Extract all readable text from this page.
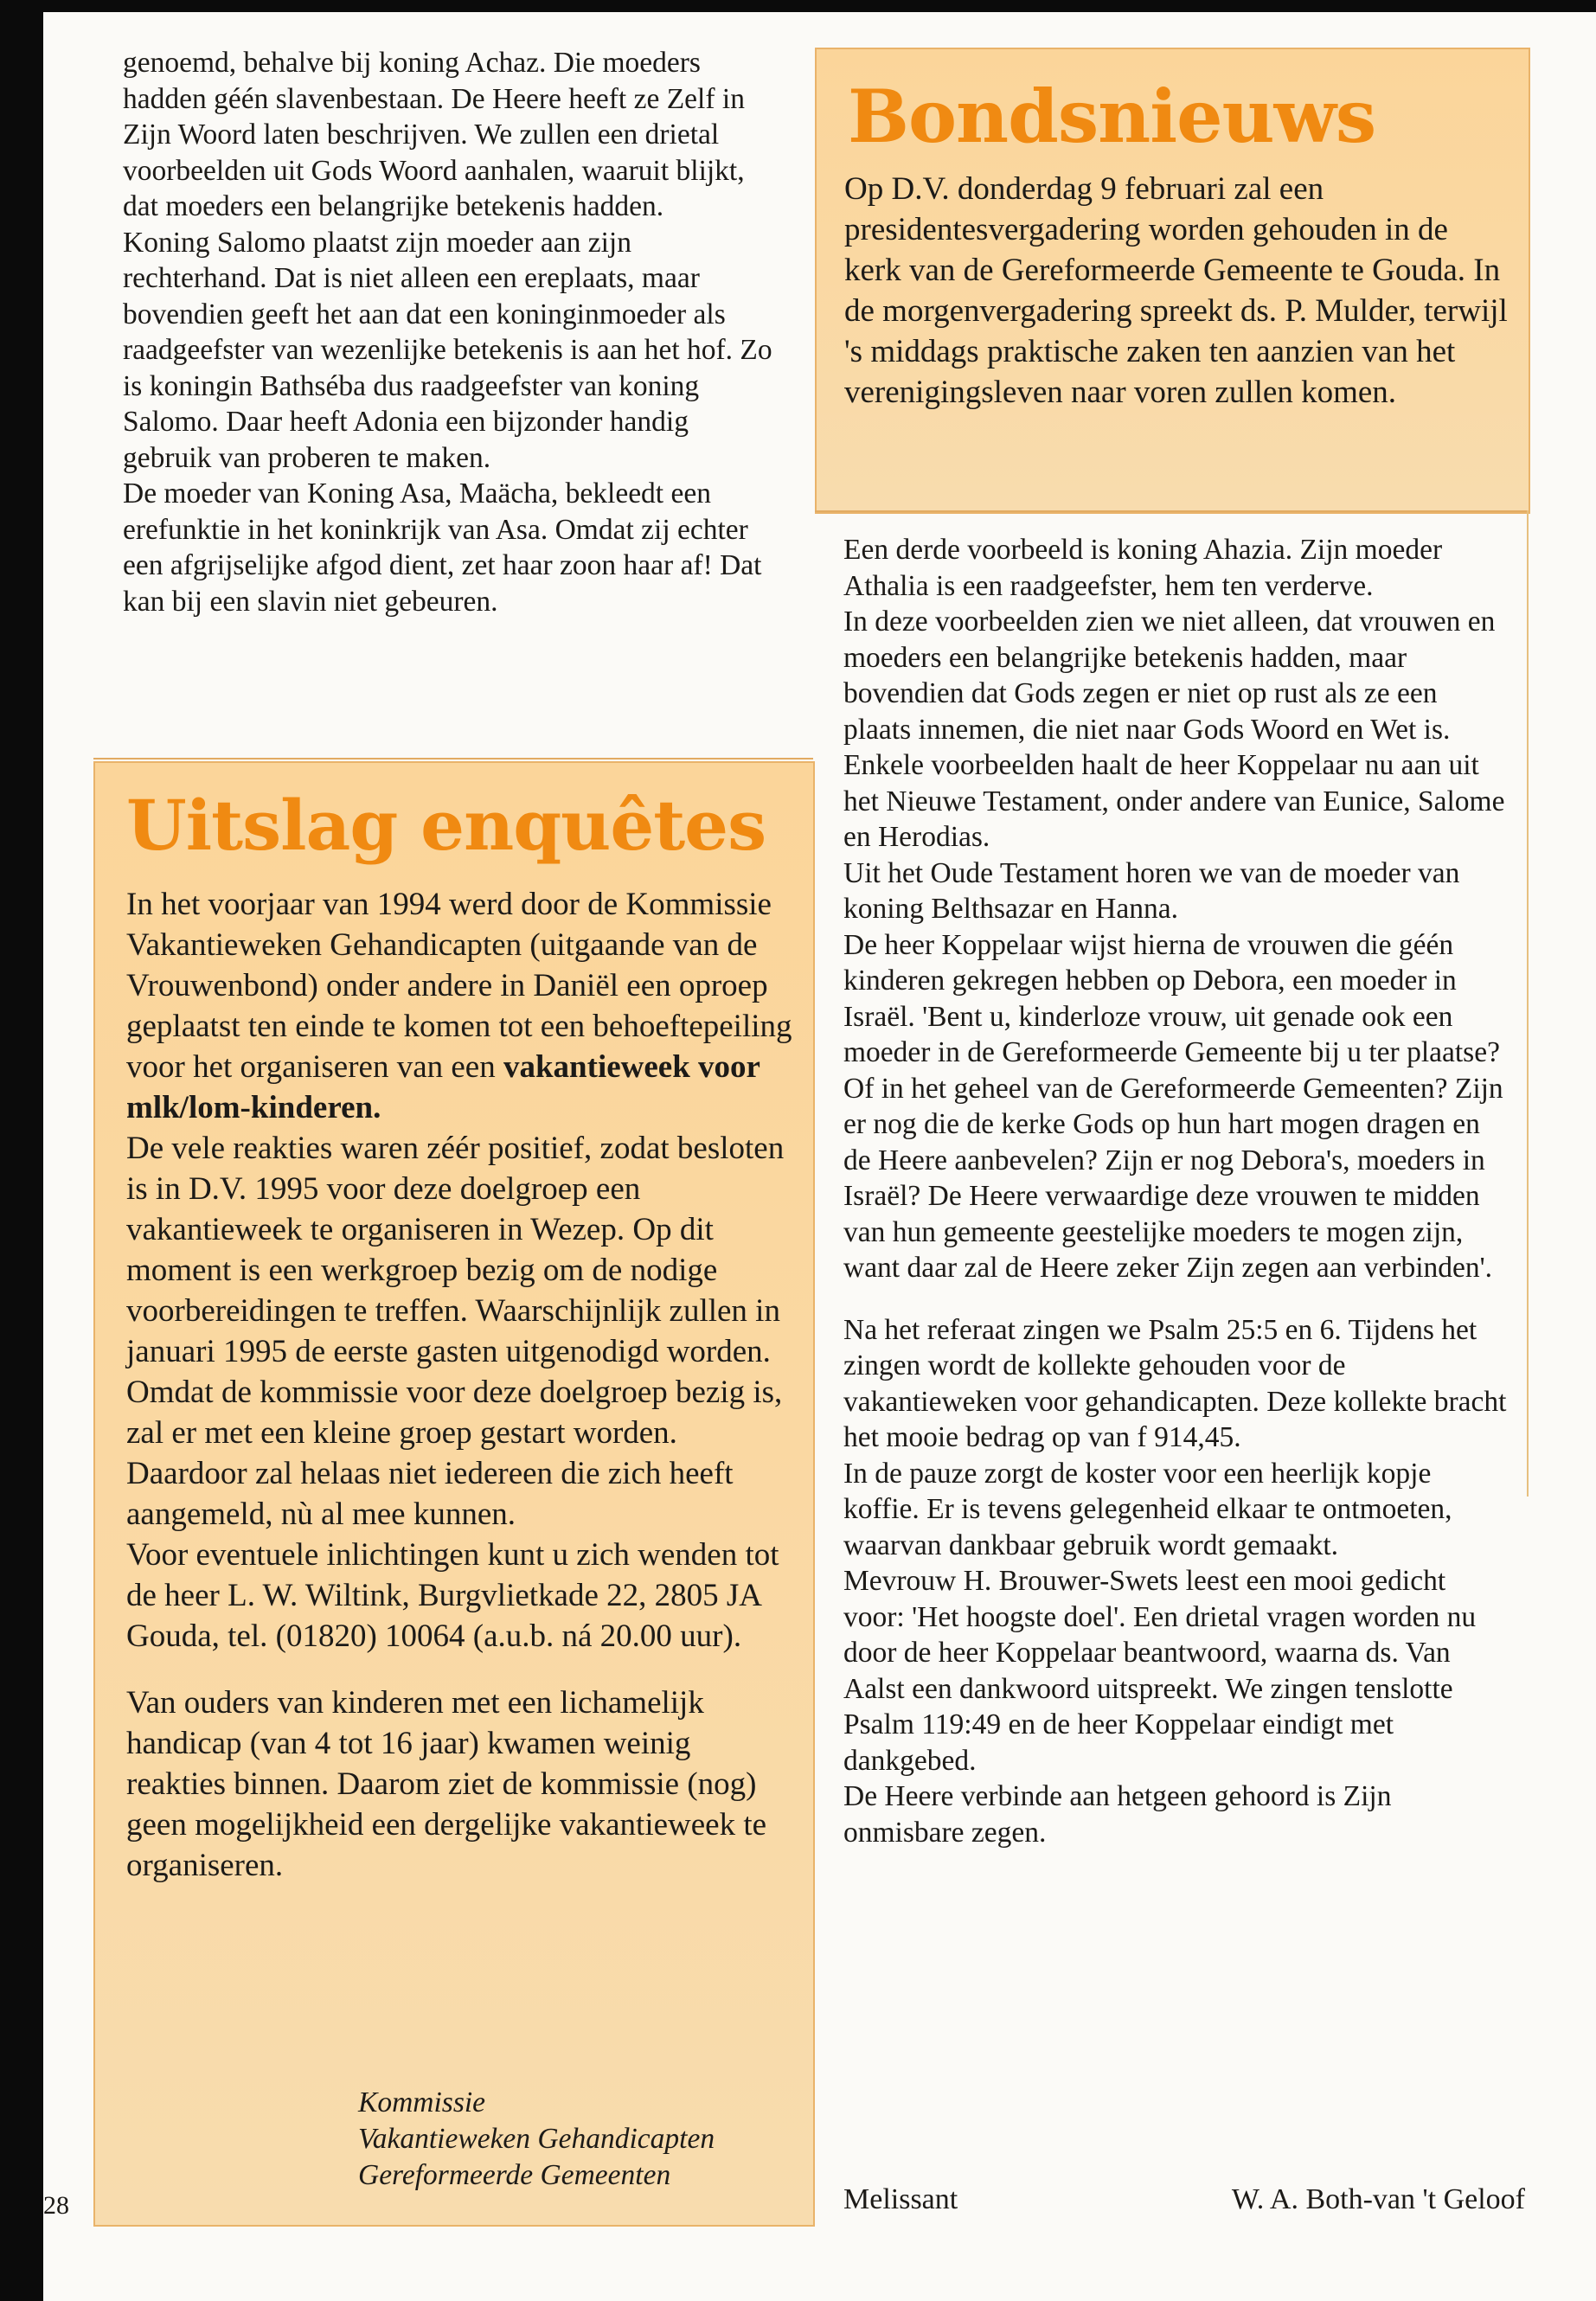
genoemd, behalve bij koning Achaz. Die moeders hadden géén slavenbestaan. De Heere heeft ze Zelf in Zijn Woord laten beschrijven. We zullen een drietal voorbeelden uit Gods Woord aanhalen, waaruit blijkt, dat moeders een belangrijke betekenis hadden.

Koning Salomo plaatst zijn moeder aan zijn rechterhand. Dat is niet alleen een ereplaats, maar bovendien geeft het aan dat een koninginmoeder als raadgeefster van wezenlijke betekenis is aan het hof. Zo is koningin Bathséba dus raadgeefster van koning Salomo. Daar heeft Adonia een bijzonder handig gebruik van proberen te maken.

De moeder van Koning Asa, Maächa, bekleedt een erefunktie in het koninkrijk van Asa. Omdat zij echter een afgrijselijke afgod dient, zet haar zoon haar af! Dat kan bij een slavin niet gebeuren.

Bondsnieuws

Op D.V. donderdag 9 februari zal een presidentesvergadering worden gehouden in de kerk van de Gereformeerde Gemeente te Gouda. In de morgenvergadering spreekt ds. P. Mulder, terwijl 's middags praktische zaken ten aanzien van het verenigingsleven naar voren zullen komen.

Uitslag enquêtes

In het voorjaar van 1994 werd door de Kommissie Vakantieweken Gehandicapten (uitgaande van de Vrouwenbond) onder andere in Daniël een oproep geplaatst ten einde te komen tot een behoeftepeiling voor het organiseren van een vakantieweek voor mlk/lom-kinderen.

De vele reakties waren zéér positief, zodat besloten is in D.V. 1995 voor deze doelgroep een vakantieweek te organiseren in Wezep. Op dit moment is een werkgroep bezig om de nodige voorbereidingen te treffen. Waarschijnlijk zullen in januari 1995 de eerste gasten uitgenodigd worden. Omdat de kommissie voor deze doelgroep bezig is, zal er met een kleine groep gestart worden. Daardoor zal helaas niet iedereen die zich heeft aangemeld, nù al mee kunnen.

Voor eventuele inlichtingen kunt u zich wenden tot de heer L. W. Wiltink, Burgvlietkade 22, 2805 JA Gouda, tel. (01820) 10064 (a.u.b. ná 20.00 uur).

Van ouders van kinderen met een lichamelijk handicap (van 4 tot 16 jaar) kwamen weinig reakties binnen. Daarom ziet de kommissie (nog) geen mogelijkheid een dergelijke vakantieweek te organiseren.

Kommissie
Vakantieweken Gehandicapten
Gereformeerde Gemeenten

Een derde voorbeeld is koning Ahazia. Zijn moeder Athalia is een raadgeefster, hem ten verderve.

In deze voorbeelden zien we niet alleen, dat vrouwen en moeders een belangrijke betekenis hadden, maar bovendien dat Gods zegen er niet op rust als ze een plaats innemen, die niet naar Gods Woord en Wet is.

Enkele voorbeelden haalt de heer Koppelaar nu aan uit het Nieuwe Testament, onder andere van Eunice, Salome en Herodias.

Uit het Oude Testament horen we van de moeder van koning Belthsazar en Hanna.

De heer Koppelaar wijst hierna de vrouwen die géén kinderen gekregen hebben op Debora, een moeder in Israël. 'Bent u, kinderloze vrouw, uit genade ook een moeder in de Gereformeerde Gemeente bij u ter plaatse? Of in het geheel van de Gereformeerde Gemeenten? Zijn er nog die de kerke Gods op hun hart mogen dragen en de Heere aanbevelen? Zijn er nog Debora's, moeders in Israël? De Heere verwaardige deze vrouwen te midden van hun gemeente geestelijke moeders te mogen zijn, want daar zal de Heere zeker Zijn zegen aan verbinden'.

Na het referaat zingen we Psalm 25:5 en 6. Tijdens het zingen wordt de kollekte gehouden voor de vakantieweken voor gehandicapten. Deze kollekte bracht het mooie bedrag op van f 914,45.

In de pauze zorgt de koster voor een heerlijk kopje koffie. Er is tevens gelegenheid elkaar te ontmoeten, waarvan dankbaar gebruik wordt gemaakt.

Mevrouw H. Brouwer-Swets leest een mooi gedicht voor: 'Het hoogste doel'. Een drietal vragen worden nu door de heer Koppelaar beantwoord, waarna ds. Van Aalst een dankwoord uitspreekt. We zingen tenslotte Psalm 119:49 en de heer Koppelaar eindigt met dankgebed.

De Heere verbinde aan hetgeen gehoord is Zijn onmisbare zegen.

Melissant	W. A. Both-van 't Geloof
28
